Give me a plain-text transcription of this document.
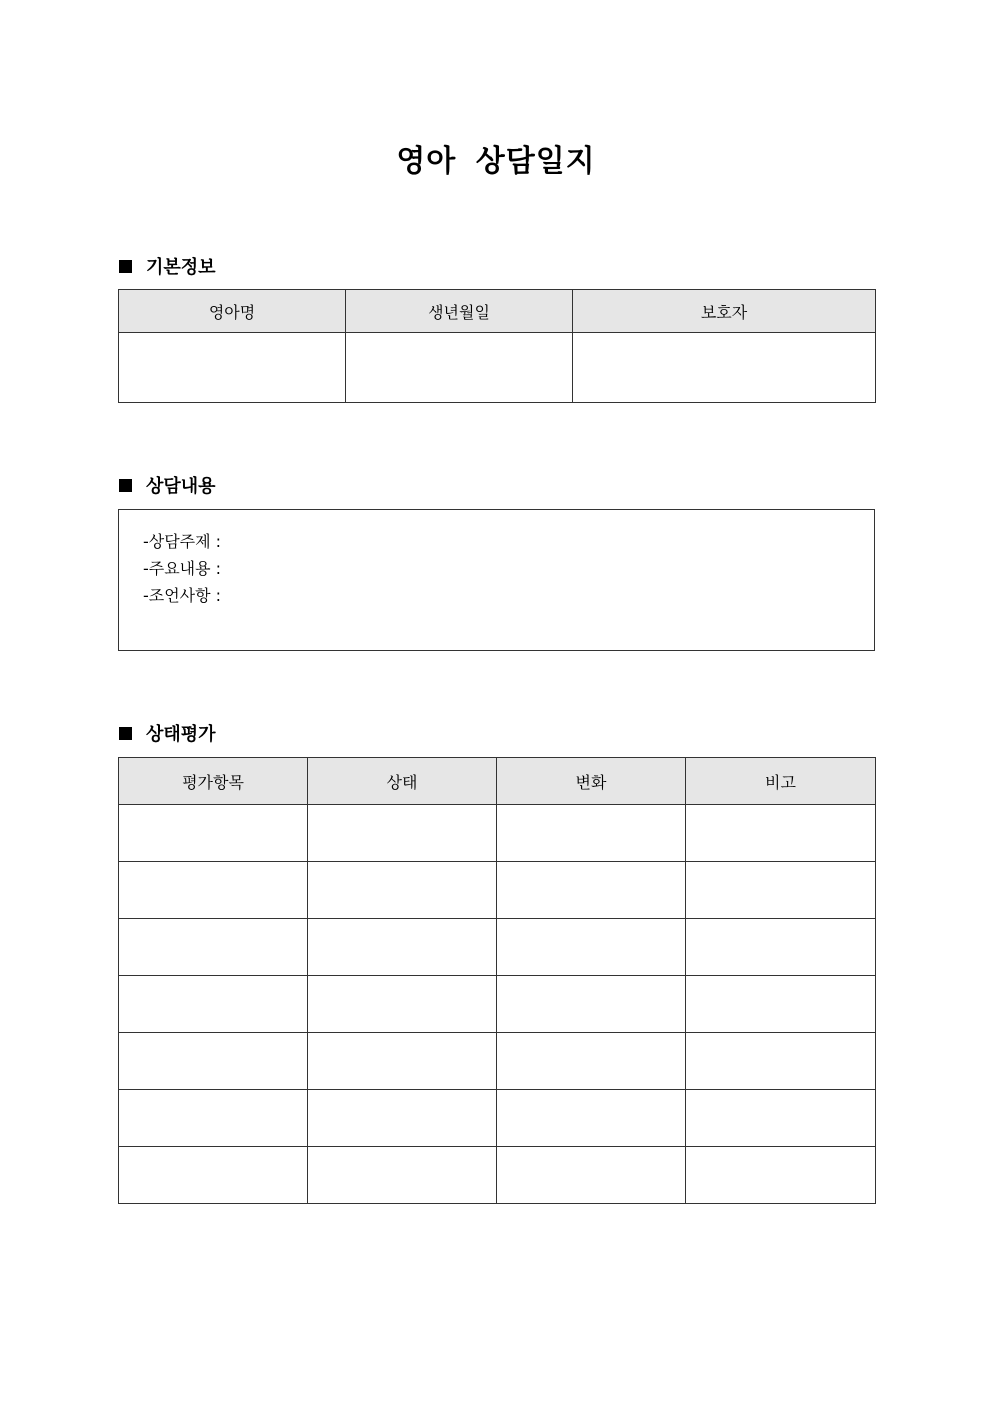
영아 상담일지
기본정보
영아명	생년월일	보호자

상담내용
-상담주제 :
-주요내용 :
-조언사항 :
상태평가
평가항목	상태	변화	비고
